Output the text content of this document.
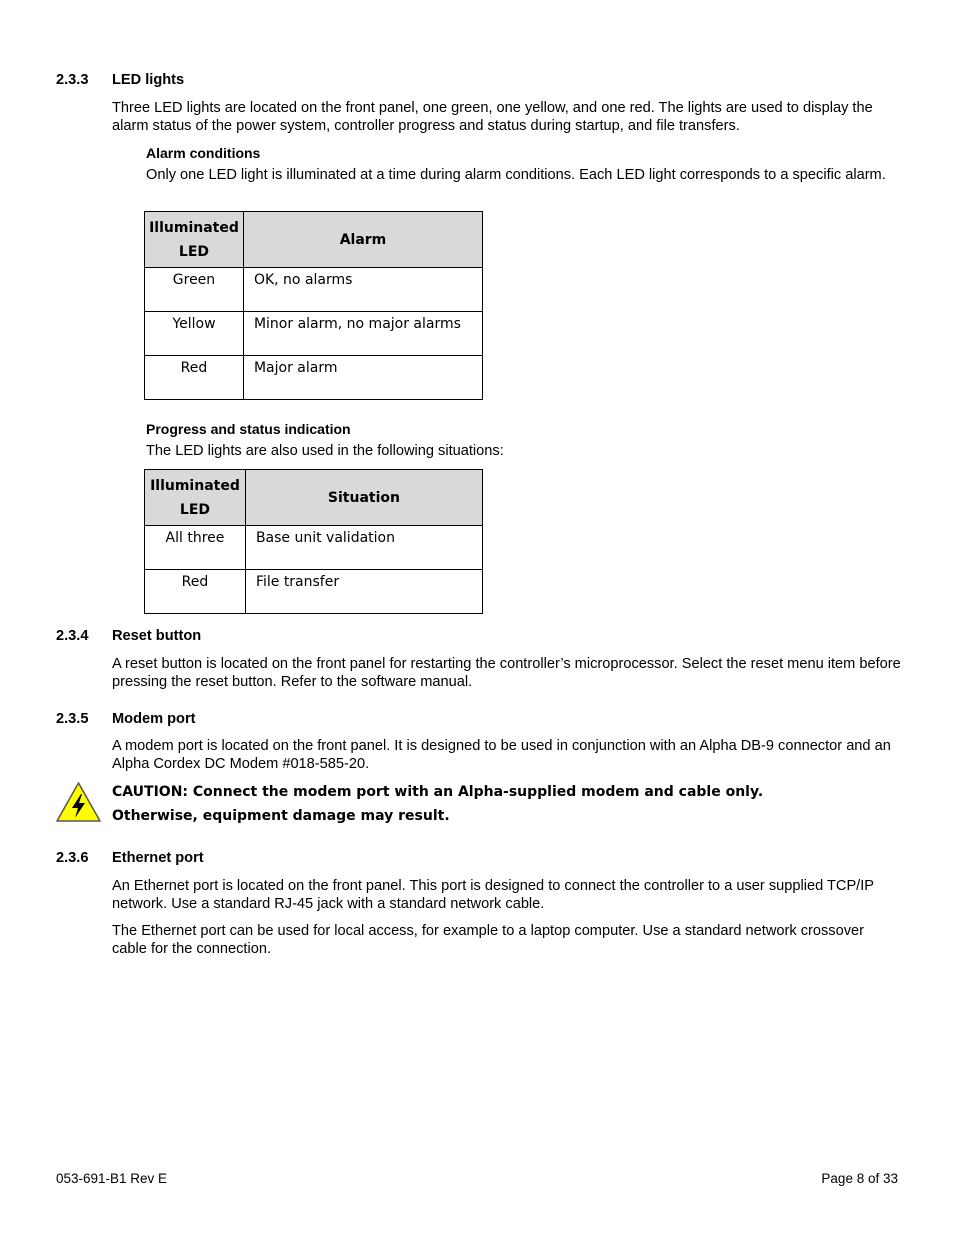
2.3.3 LED lights
Three LED lights are located on the front panel, one green, one yellow, and one red. The lights are used to display the alarm status of the power system, controller progress and status during startup, and file transfers.
Alarm conditions
Only one LED light is illuminated at a time during alarm conditions. Each LED light corresponds to a specific alarm.
Illuminated LED	Alarm
Green	OK, no alarms
Yellow	Minor alarm, no major alarms
Red	Major alarm
Progress and status indication
The LED lights are also used in the following situations:
Illuminated LED	Situation
All three	Base unit validation
Red	File transfer
2.3.4 Reset button
A reset button is located on the front panel for restarting the controller’s microprocessor. Select the reset menu item before pressing the reset button. Refer to the software manual.
2.3.5 Modem port
A modem port is located on the front panel. It is designed to be used in conjunction with an Alpha DB-9 connector and an Alpha Cordex DC Modem #018-585-20.
CAUTION: Connect the modem port with an Alpha-supplied modem and cable only. Otherwise, equipment damage may result.
2.3.6 Ethernet port
An Ethernet port is located on the front panel. This port is designed to connect the controller to a user supplied TCP/IP network. Use a standard RJ-45 jack with a standard network cable.
The Ethernet port can be used for local access, for example to a laptop computer. Use a standard network crossover cable for the connection.
053-691-B1 Rev E	Page 8 of 33
